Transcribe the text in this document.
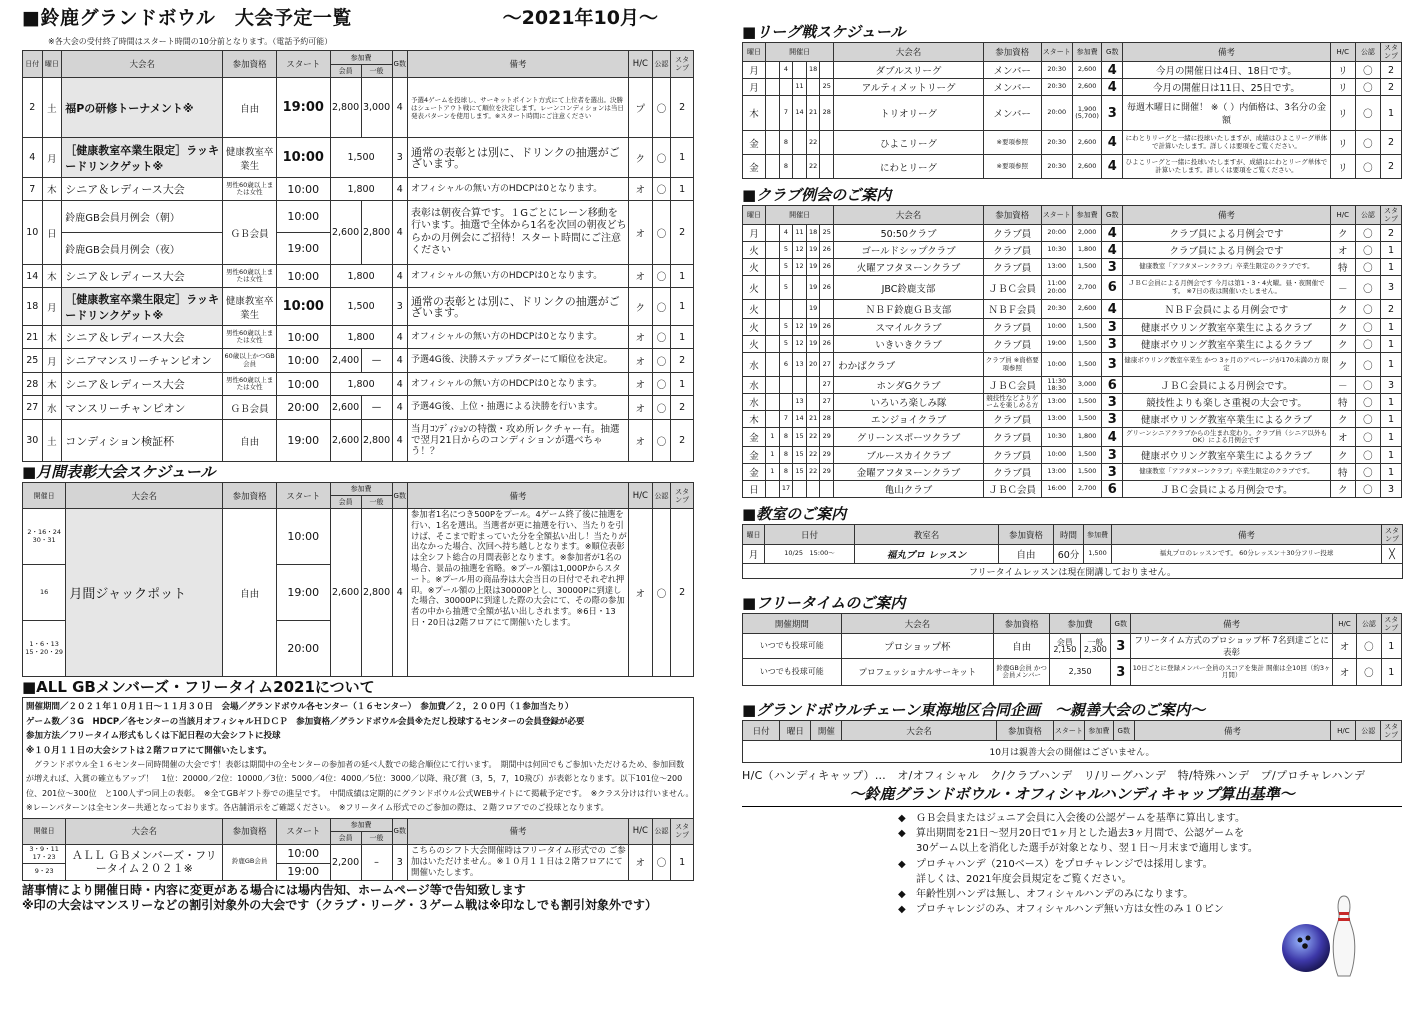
■鈴鹿グランドボウル　大会予定一覧	～2021年10月～
※各大会の受付終了時間はスタート時間の10分前となります。（電話予約可能）
日付	曜日	大会名	参加資格	スタート	参加費		G数	備考	H/C	公認	スタンプ
					会員	一般					
2	土	福Pの研修トーナメント※	自由	19:00	2,800	3,000	4	予選4ゲームを投球し、サーキットポイント方式にて上位者を選出。決勝はシュートアウト戦にて順位を決定します。レーンコンディションは当日発表パターンを使用します。※スタート時間にご注意ください	プ	〇	2
4	月	［健康教室卒業生限定］ラッキードリンクゲット※	健康教室卒業生	10:00	1,500		3	通常の表彰とは別に、ドリンクの抽選がございます。	ク	〇	1
7	木	シニア＆レディース大会	男性60歳以上または女性	10:00	1,800		4	オフィシャルの無い方のHDCPは0となります。	オ	〇	1
10	日	鈴鹿GB会員月例会（朝）	ＧＢ会員	10:00	2,600	2,800	4	表彰は朝夜合算です。１Gごとにレーン移動を行います。抽選で全体から1名を次回の朝夜どちらかの月例会にご招待！スタート時間にご注意ください	オ	〇	2
		鈴鹿GB会員月例会（夜）		19:00							
14	木	シニア＆レディース大会	男性60歳以上または女性	10:00	1,800		4	オフィシャルの無い方のHDCPは0となります。	オ	〇	1
18	月	［健康教室卒業生限定］ラッキードリンクゲット※	健康教室卒業生	10:00	1,500		3	通常の表彰とは別に、ドリンクの抽選がございます。	ク	〇	1
21	木	シニア＆レディース大会	男性60歳以上または女性	10:00	1,800		4	オフィシャルの無い方のHDCPは0となります。	オ	〇	1
25	月	シニアマンスリーチャンピオン	60歳以上かつGB会員	10:00	2,400	—	4	予選4G後、決勝ステップラダーにて順位を決定。	オ	〇	2
28	木	シニア＆レディース大会	男性60歳以上または女性	10:00	1,800		4	オフィシャルの無い方のHDCPは0となります。	オ	〇	1
27	水	マンスリーチャンピオン	ＧＢ会員	20:00	2,600	—	4	予選4G後、上位・抽選による決勝を行います。	オ	〇	2
30	土	コンディション検証杯	自由	19:00	2,600	2,800	4	当月ｺﾝﾃﾞｨｼｮﾝの特徴・攻め所レクチャー有。抽選で翌月21日からのコンディションが選べちゃう！？	オ	〇	2
■月間表彰大会スケジュール
開催日	大会名	参加資格	スタート	参加費		G数	備考	H/C	公認	スタンプ
				会員	一般					
2・16・24 30・31	月間ジャックポット	自由	10:00	2,600	2,800	4	参加者1名につき500Pをプール。4ゲーム終了後に抽選を行い、1名を選出。当選者が更に抽選を行い、当たりを引けば、そこまで貯まっていた分を全額払い出し！当たりが出なかった場合、次回へ持ち越しとなります。※順位表彰は全シフト総合の月間表彰となります。※参加者が1名の場合、景品の抽選を省略。※プール額は1,000Pからスタート。※プール用の商品券は大会当日の日付でそれぞれ押印。※プール額の上限は30000Pとし、30000Pに到達した場合、30000Pに到達した際の大会にて、その際の参加者の中から抽選で全額が払い出しされます。※6日・13日・20日は2階フロアにて開催いたします。	オ	〇	2
16			19:00							
1・6・13 15・20・29			20:00							
■ALL GBメンバーズ・フリータイム2021について
開催期間／２０２１年１０月１日～１１月３０日　会場／グランドボウル各センター（１６センター）　参加費／２，２００円（１参加当たり）
ゲーム数／３G　HDCP／各センターの当該月オフィシャルＨＤＣＰ　参加資格／グランドボウル会員※ただし投球するセンターの会員登録が必要
参加方法／フリータイム形式もしくは下記日程の大会シフトに投球
※１０月１１日の大会シフトは２階フロアにて開催いたします。
グランドボウル全１６センター同時開催の大会です！表彰は期間中の全センターの参加者の延べ人数での総合順位にて行います。　期間中は何回でもご参加いただけるため、参加回数が増えれば、入賞の確立もアップ！　1位：20000／2位：10000／3位：5000／4位：4000／5位：3000／以降、飛び賞（3，5，7，10飛び）が表彰となります。以下101位～200位、201位～300位　と100人ずつ同上の表彰。　※全てGBギフト券での進呈です。　中間成績は定期的にグランドボウル公式WEBサイトにて掲載予定です。　※クラス分けは行いません。　※レーンパターンは全センター共通となっております。各店舗消示をご確認ください。　※フリータイム形式でのご参加の際は、２階フロアでのご投球となります。
開催日	大会名	参加資格	スタート	参加費		G数	備考	H/C	公認	スタンプ
				会員	一般					
3・9・11 17・23	ＡＬＬ ＧＢメンバーズ・フリータイム２０２１※	鈴鹿GB会員	10:00	2,200	–	3	こちらのシフト大会開催時はフリータイム形式での ご参加はいただけません。※１０月１１日は２階フロアにて開催いたします。	オ	〇	1
9・23			19:00							
諸事情により開催日時・内容に変更がある場合には場内告知、ホームページ等で告知致します
※印の大会はマンスリーなどの割引対象外の大会です（クラブ・リーグ・３ゲーム戦は※印なしでも割引対象外です）
■リーグ戦スケジュール
曜日	開催日					大会名	参加資格	スタート	参加費	G数	備考	H/C	公認	スタンプ
月		4		18		ダブルスリーグ	メンバー	20:30	2,600	4	今月の開催日は4日、18日です。	リ	〇	2
月			11		25	アルティメットリーグ	メンバー	20:30	2,600	4	今月の開催日は11日、25日です。	リ	〇	2
木		7	14	21	28	トリオリーグ	メンバー	20:00	1,900 (5,700)	3	毎週木曜日に開催！ ※（ ）内価格は、3名分の金額	リ	〇	1
金		8		22		ひよこリーグ	※要項参照	20:30	2,600	4	にわとりリーグと一緒に投球いたしますが、成績はひよこリーグ単体で計算いたします。詳しくは要項をご覧ください。	リ	〇	2
金		8		22		にわとリーグ	※要項参照	20:30	2,600	4	ひよこリーグと一緒に投球いたしますが、成績はにわとリーグ単体で計算いたします。詳しくは要項をご覧ください。	リ	〇	2
■クラブ例会のご案内
曜日	開催日					大会名	参加資格	スタート	参加費	G数	備考	H/C	公認	スタンプ
月		4	11	18	25	50:50クラブ	クラブ員	20:00	2,000	4	クラブ員による月例会です	ク	〇	2
火		5	12	19	26	ゴールドシップクラブ	クラブ員	10:30	1,800	4	クラブ員による月例会です	オ	〇	1
火		5	12	19	26	火曜アフタヌーンクラブ	クラブ員	13:00	1,500	3	健康教室「アフタヌーンクラブ」卒業生限定のクラブです。	特	〇	1
火		5		19	26	JBC鈴鹿支部	ＪＢＣ会員	11:00 20:00	2,700	6	ＪＢＣ会員による月例会です 今月は第1・3・4火曜。昼・夜開催です。 ※7日の夜は開催いたしません。	－	〇	3
火				19		ＮＢＦ鈴鹿ＧＢ支部	ＮＢＦ会員	20:30	2,600	4	ＮＢＦ会員による月例会です	ク	〇	2
火		5	12	19	26	スマイルクラブ	クラブ員	10:00	1,500	3	健康ボウリング教室卒業生によるクラブ	ク	〇	1
火		5	12	19	26	いきいきクラブ	クラブ員	19:00	1,500	3	健康ボウリング教室卒業生によるクラブ	ク	〇	1
水		6	13	20	27	わかばクラブ	クラブ員 ※資格要項参照	10:00	1,500	3	健康ボウリング教室卒業生 かつ 3ヶ月のアベレージが170未満の方 限定	ク	〇	1
水					27	ホンダGクラブ	ＪＢＣ会員	11:30 18:30	3,000	6	ＪＢＣ会員による月例会です。	－	〇	3
水			13		27	いろいろ楽しみ隊	競技性などよりゲームを楽しめる方	13:00	1,500	3	競技性よりも楽しさ重視の大会です。	特	〇	1
木		7	14	21	28	エンジョイクラブ	クラブ員	13:00	1,500	3	健康ボウリング教室卒業生によるクラブ	ク	〇	1
金	1	8	15	22	29	グリーンスポーツクラブ	クラブ員	10:30	1,800	4	グリーンシニアクラブからの生まれ変わり。クラブ員（シニア以外もOK）による月例会です	オ	〇	1
金	1	8	15	22	29	ブルースカイクラブ	クラブ員	10:00	1,500	3	健康ボウリング教室卒業生によるクラブ	ク	〇	1
金	1	8	15	22	29	金曜アフタヌーンクラブ	クラブ員	13:00	1,500	3	健康教室「アフタヌーンクラブ」卒業生限定のクラブです。	特	〇	1
日		17				亀山クラブ	ＪＢＣ会員	16:00	2,700	6	ＪＢＣ会員による月例会です。	ク	〇	3
■教室のご案内
曜日	日付	教室名	参加資格	時間	参加費	備考	スタンプ
月	10/25　15:00～	福丸プロ レッスン	自由	60分	1,500	福丸プロのレッスンです。 60分レッスン＋30分フリー投球	╳
フリータイムレッスンは現在開講しておりません。							
■フリータイムのご案内
開催期間	大会名	参加資格	参加費		G数	備考	H/C	公認	スタンプ
いつでも投球可能	プロショップ杯	自由	会員 2,150	一般 2,300	3	フリータイム方式のプロショップ杯 7名到達ごとに表彰	オ	〇	1
いつでも投球可能	プロフェッショナルサーキット	鈴鹿GB会員 かつ 会員メンバー	2,350		3	10日ごとに登録メンバー全員のスコアを集計 開催は全10回（約3ヶ月間）	オ	〇	1
■グランドボウルチェーン東海地区合同企画　～親善大会のご案内～
日付	曜日	開催	大会名	参加資格	スタート	参加費	G数	備考	H/C	公認	スタンプ
10月は親善大会の開催はございません。
H/C（ハンディキャップ）…　オ/オフィシャル　ク/クラブハンデ　リ/リーグハンデ　特/特殊ハンデ　プ/プロチャレハンデ
～鈴鹿グランドボウル・オフィシャルハンディキャップ算出基準～
◆ ＧＢ会員またはジュニア会員に入会後の公認ゲームを基準に算出します。
◆ 算出期間を21日～翌月20日で1ヶ月とした過去3ヶ月間で、公認ゲームを
30ゲーム以上を消化した選手が対象となり、翌１日～月末まで適用します。
◆ プロチャハンデ（210ベース）をプロチャレンジでは採用します。
詳しくは、2021年度会員規定をご覧ください。
◆ 年齢性別ハンデは無し、オフィシャルハンデのみになります。
◆ プロチャレンジのみ、オフィシャルハンデ無い方は女性のみ１０ピン
